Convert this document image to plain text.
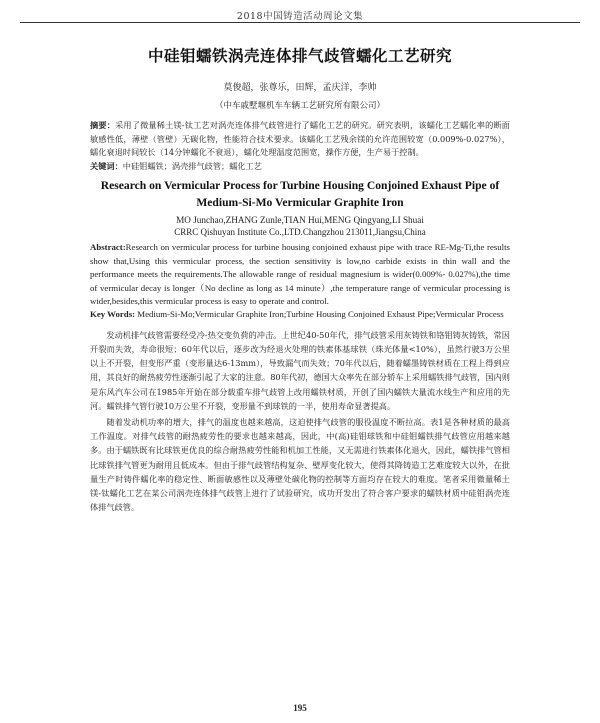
2018中国铸造活动周论文集
中硅钼蠕铁涡壳连体排气歧管蠕化工艺研究
莫俊超，张尊乐，田辉，孟庆洋，李帅
（中车戚墅堰机车车辆工艺研究所有限公司）

摘要：采用了微量稀土镁-钛工艺对涡壳连体排气歧管进行了蠕化工艺的研究。研究表明，该蠕化工艺蠕化率的断面敏感性低，薄壁（管壁）无碳化物，性能符合技术要求。该蠕化工艺残余镁的允许范围较宽（0.009%-0.027%），蠕化衰退时间较长（14分钟蠕化不衰退），蠕化处理温度范围宽，操作方便，生产易于控制。

关键词：中硅钼蠕铁；涡壳排气歧管；蠕化工艺

Research on Vermicular Process for Turbine Housing Conjoined Exhaust Pipe of Medium-Si-Mo Vermicular Graphite Iron
MO Junchao,ZHANG Zunle,TIAN Hui,MENG Qingyang,LI Shuai
CRRC Qishuyan Institute Co.,LTD.Changzhou 213011,Jiangsu,China

Abstract:Research on vermicular process for turbine housing conjoined exhaust pipe with trace RE-Mg-Ti,the results show that,Using this vermicular process, the section sensitivity is low,no carbide exists in thin wall and the performance meets the requirements.The allowable range of residual magnesium is wider(0.009%- 0.027%),the time of vermicular decay is longer（No decline as long as 14 minute）,the temperature range of vermicular processing is wider,besides,this vermicular process is easy to operate and control.

Key Words: Medium-Si-Mo;Vermicular Graphite Iron;Turbine Housing Conjoined Exhaust Pipe;Vermicular Process

发动机排气歧管需要经受冷-热交变负荷的冲击。上世纪40-50年代，排气歧管采用灰铸铁和铬钼铸灰铸铁，常因开裂而失效，寿命很短；60年代以后，逐步改为经退火处理的铁素体基球铁（珠光体量<10%），虽然行驶3万公里以上不开裂，但变形严重（变形量达6-13mm），导致漏气而失效；70年代以后，随着蠕墨铸铁材质在工程上得到应用，其良好的耐热疲劳性逐渐引起了大家的注意。80年代初，德国大众率先在部分轿车上采用蠕铁排气歧管，国内则是东风汽车公司在1985年开始在部分载重车排气歧管上改用蠕铁材质，开创了国内蠕铁大量流水线生产和应用的先河。蠕铁排气管行驶10万公里不开裂，变形量不到球铁的一半，使用寿命显著提高。

随着发动机功率的增大，排气的温度也越来越高，这迫使排气歧管的服役温度不断拉高。表1是各种材质的最高工作温度。对排气歧管的耐热疲劳性的要求也越来越高，因此，中(高)硅钼球铁和中硅钼蠕铁排气歧管应用越来越多。由于蠕铁既有比球铁更优良的综合耐热疲劳性能和机加工性能，又无需进行铁素体化退火，因此，蠕铁排气管相比球铁排气管更为耐用且低成本。但由于排气歧管结构复杂、壁厚变化较大，使得其降铸造工艺难度较大以外，在批量生产时铸件蠕化率的稳定性、断面敏感性以及薄壁处碳化物的控制等方面均存在较大的难度。笔者采用微量稀土镁-钛蠕化工艺在某公司涡壳连体排气歧管上进行了试验研究，成功开发出了符合客户要求的蠕铁材质中硅钼涡壳连体排气歧管。

195
